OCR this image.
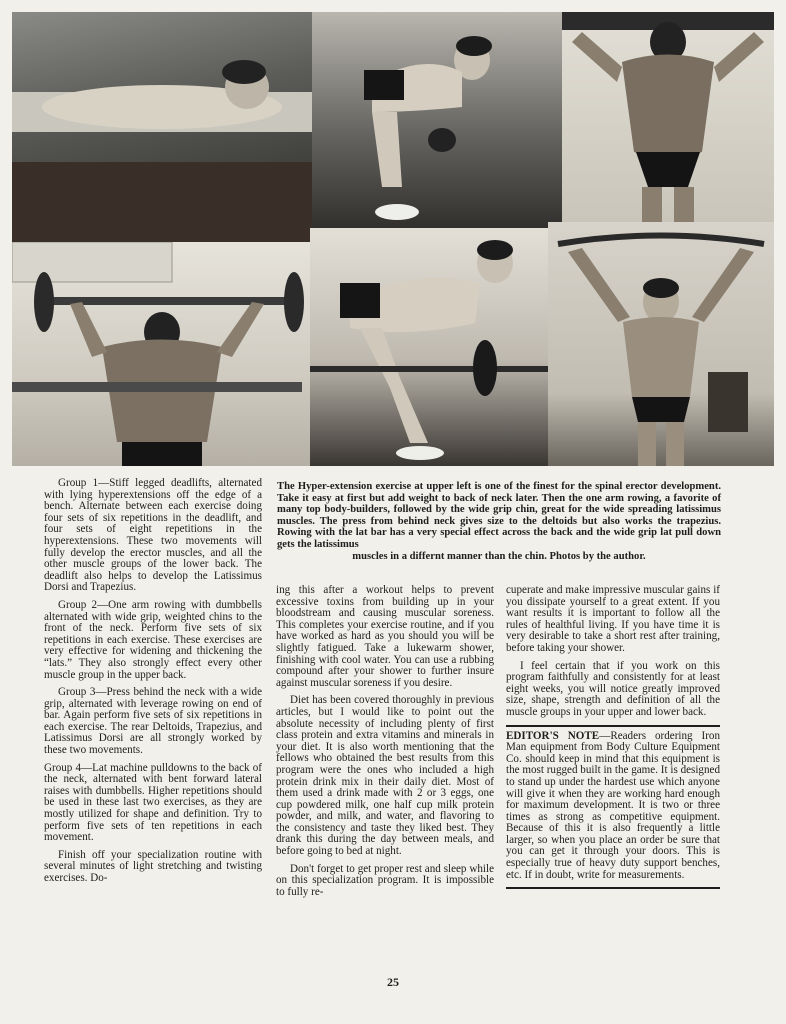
The Hyper-extension exercise at upper left is one of the finest for the spinal erector development. Take it easy at first but add weight to back of neck later. Then the one arm rowing, a favorite of many top body-builders, followed by the wide grip chin, great for the wide spreading latissimus muscles. The press from behind neck gives size to the deltoids but also works the trapezius. Rowing with the lat bar has a very special effect across the back and the wide grip lat pull down gets the latissimus
muscles in a differnt manner than the chin. Photos by the author.

Group 1—Stiff legged deadlifts, alternated with lying hyperextensions off the edge of a bench. Alternate between each exercise doing four sets of six repetitions in the deadlift, and four sets of eight repetitions in the hyperextensions. These two movements will fully develop the erector muscles, and all the other muscle groups of the lower back. The deadlift also helps to develop the Latissimus Dorsi and Trapezius.

Group 2—One arm rowing with dumbbells alternated with wide grip, weighted chins to the front of the neck. Perform five sets of six repetitions in each exercise. These exercises are very effective for widening and thickening the “lats.” They also strongly effect every other muscle group in the upper back.

Group 3—Press behind the neck with a wide grip, alternated with leverage rowing on end of bar. Again perform five sets of six repetitions in each exercise. The rear Deltoids, Trapezius, and Latissimus Dorsi are all strongly worked by these two movements.

Group 4—Lat machine pulldowns to the back of the neck, alternated with bent forward lateral raises with dumbbells. Higher repetitions should be used in these last two exercises, as they are mostly utilized for shape and definition. Try to perform five sets of ten repetitions in each movement.

Finish off your specialization routine with several minutes of light stretching and twisting exercises. Do-

ing this after a workout helps to prevent excessive toxins from building up in your bloodstream and causing muscular soreness. This completes your exercise routine, and if you have worked as hard as you should you will be slightly fatigued. Take a lukewarm shower, finishing with cool water. You can use a rubbing compound after your shower to further insure against muscular soreness if you desire.

Diet has been covered thoroughly in previous articles, but I would like to point out the absolute necessity of including plenty of first class protein and extra vitamins and minerals in your diet. It is also worth mentioning that the fellows who obtained the best results from this program were the ones who included a high protein drink mix in their daily diet. Most of them used a drink made with 2 or 3 eggs, one cup powdered milk, one half cup milk protein powder, and milk, and water, and flavoring to the consistency and taste they liked best. They drank this during the day between meals, and before going to bed at night.

Don't forget to get proper rest and sleep while on this specialization program. It is impossible to fully re-

cuperate and make impressive muscular gains if you dissipate yourself to a great extent. If you want results it is important to follow all the rules of healthful living. If you have time it is very desirable to take a short rest after training, before taking your shower.

I feel certain that if you work on this program faithfully and consistently for at least eight weeks, you will notice greatly improved size, shape, strength and definition of all the muscle groups in your upper and lower back.

EDITOR'S NOTE—Readers ordering Iron Man equipment from Body Culture Equipment Co. should keep in mind that this equipment is the most rugged built in the game. It is designed to stand up under the hardest use which anyone will give it when they are working hard enough for maximum development. It is two or three times as strong as competitive equipment. Because of this it is also frequently a little larger, so when you place an order be sure that you can get it through your doors. This is especially true of heavy duty support benches, etc. If in doubt, write for measurements.

25
